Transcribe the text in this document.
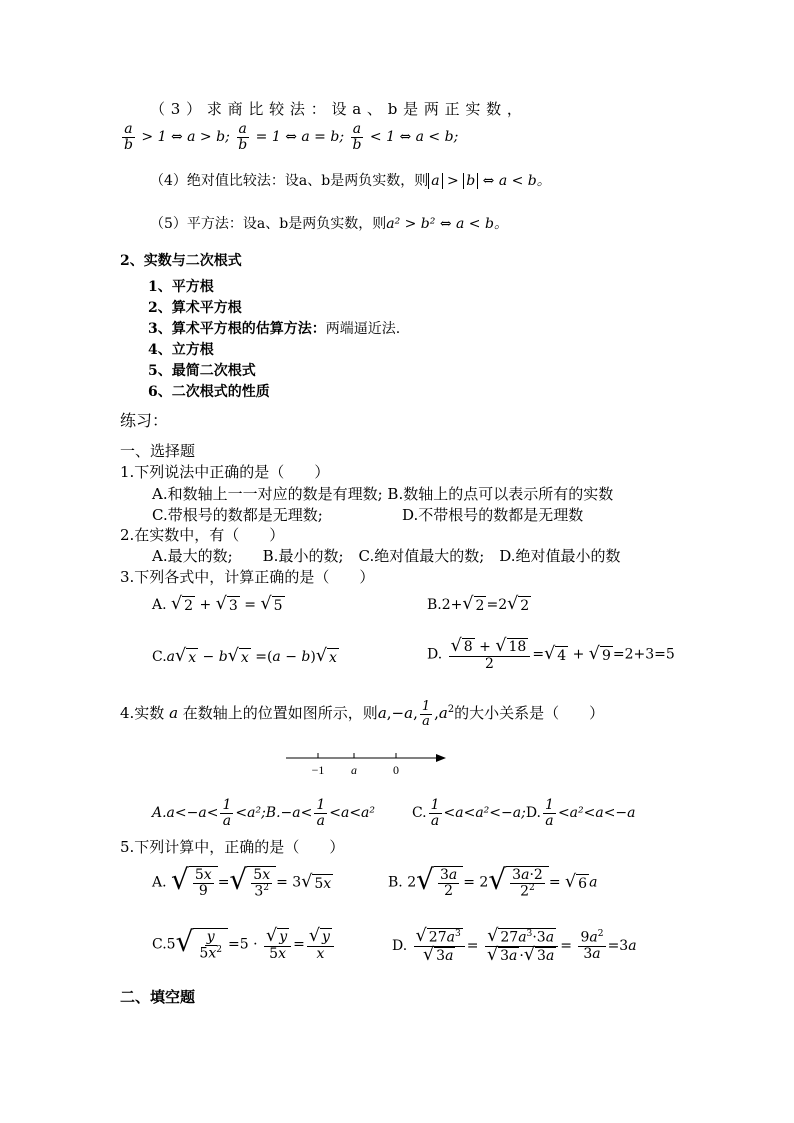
（ 3 ） 求 商 比 较 法 ： 设 a 、 b 是 两 正 实 数 ，
$\frac{a}{b} > 1$ ⇔ a > b; $\frac{a}{b} = 1$ ⇔ a = b; $\frac{a}{b} < 1$ ⇔ a < b;
（4）绝对值比较法：设a、b是两负实数，则 a > b ⇔ a < b。
（5）平方法：设a、b是两负实数，则a² > b² ⇔ a < b。
2、实数与二次根式
1、平方根
2、算术平方根
3、算术平方根的估算方法：两端逼近法.
4、立方根
5、最简二次根式
6、二次根式的性质
练习：
一、选择题
1.下列说法中正确的是（　　）
A.和数轴上一一对应的数是有理数; B.数轴上的点可以表示所有的实数
C.带根号的数都是无理数;	D.不带根号的数都是无理数
2.在实数中，有（　　）
A.最大的数;　　B.最小的数;　C.绝对值最大的数;　D.绝对值最小的数
3.下列各式中，计算正确的是（　　）
A. √ 2 + √ 3 = √ 5	B.2+ √ 2 =2 √ 2
C.a √ x − b √ x =(a − b) √ x	D. $\frac{√ 8 + √ 18}{2}$ = √ 4 + √ 9 =2+3=5
4.实数 a 在数轴上的位置如图所示，则a,−a, $\frac{1}{a} ,a^2$的大小关系是（　　）
−1 a	0
$A.a<-a< \frac{1}{a}$ <a²;B.−a< $\frac{1}{a} <a<a^2$	C. $\frac{1}{a}$ <a<a²<−a;D. $\frac{1}{a} <a^2<a<-a$
5.下列计算中，正确的是（　　）
A. √ $\frac{5x}{9}$ = √ $\frac{5x}{3^2} = 3$ √ 5x	B. 2 √ $\frac{3a}{2} = 2$ √ $\frac{3a\cdot 2}{2^2}$ = √ 6 a
C.5 √ $\frac{y}{5x^2} =5 \cdot \frac{√ y}{5x} = \frac{√ y}{x}$	D. $\frac{√ 27a^3}{√ 3a} = \frac{√ 27a^3\cdot 3a}{√ 3a \cdot √ 3a} = \frac{9a^2}{3a} =3a$
二、填空题
